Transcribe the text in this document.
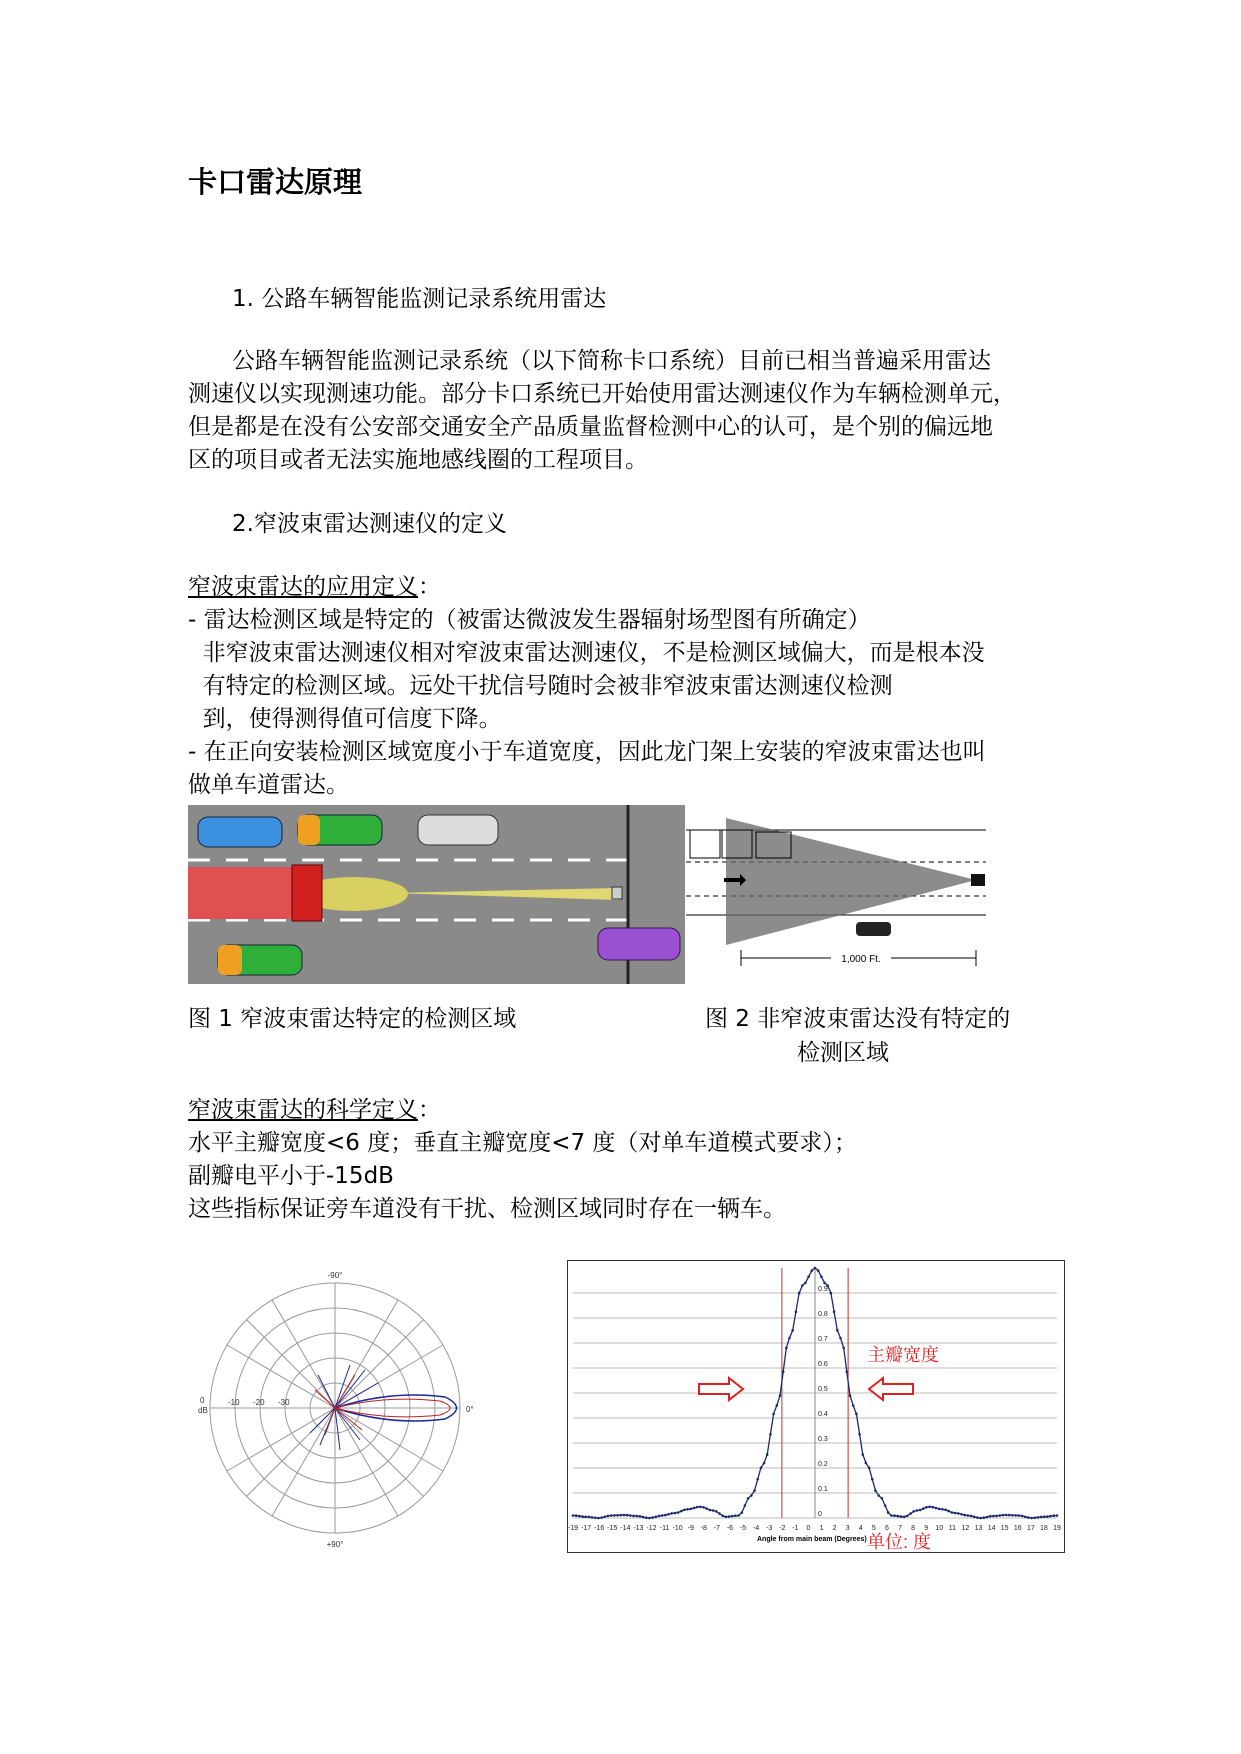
卡口雷达原理
1. 公路车辆智能监测记录系统用雷达
公路车辆智能监测记录系统（以下简称卡口系统）目前已相当普遍采用雷达
测速仪以实现测速功能。部分卡口系统已开始使用雷达测速仪作为车辆检测单元，
但是都是在没有公安部交通安全产品质量监督检测中心的认可，是个别的偏远地
区的项目或者无法实施地感线圈的工程项目。
2.窄波束雷达测速仪的定义
窄波束雷达的应用定义：
- 雷达检测区域是特定的（被雷达微波发生器辐射场型图有所确定）
非窄波束雷达测速仪相对窄波束雷达测速仪，不是检测区域偏大，而是根本没
有特定的检测区域。远处干扰信号随时会被非窄波束雷达测速仪检测
到，使得测得值可信度下降。
- 在正向安装检测区域宽度小于车道宽度，因此龙门架上安装的窄波束雷达也叫
做单车道雷达。
1,000 Ft.
图 1 窄波束雷达特定的检测区域	图 2 非窄波束雷达没有特定的
检测区域
窄波束雷达的科学定义：
水平主瓣宽度<6 度；垂直主瓣宽度<7 度（对单车道模式要求）；
副瓣电平小于-15dB
这些指标保证旁车道没有干扰、检测区域同时存在一辆车。
-90°
+90°
0°
0
dB
-10 -20 -30
0
0.1
0.2
0.3
0.4
0.5
0.6
0.7
0.8
0.9
-19 -17 -16 -15 -14 -13 -12 -11 -10 -9 -8 -7 -6 -5 -4 -3 -2 -1 0 1 2 3 4 5 6 7 8 9 10 11 12 13 14 15 16 17 18 19
Angle from main beam (Degrees)
主瓣宽度
单位: 度
